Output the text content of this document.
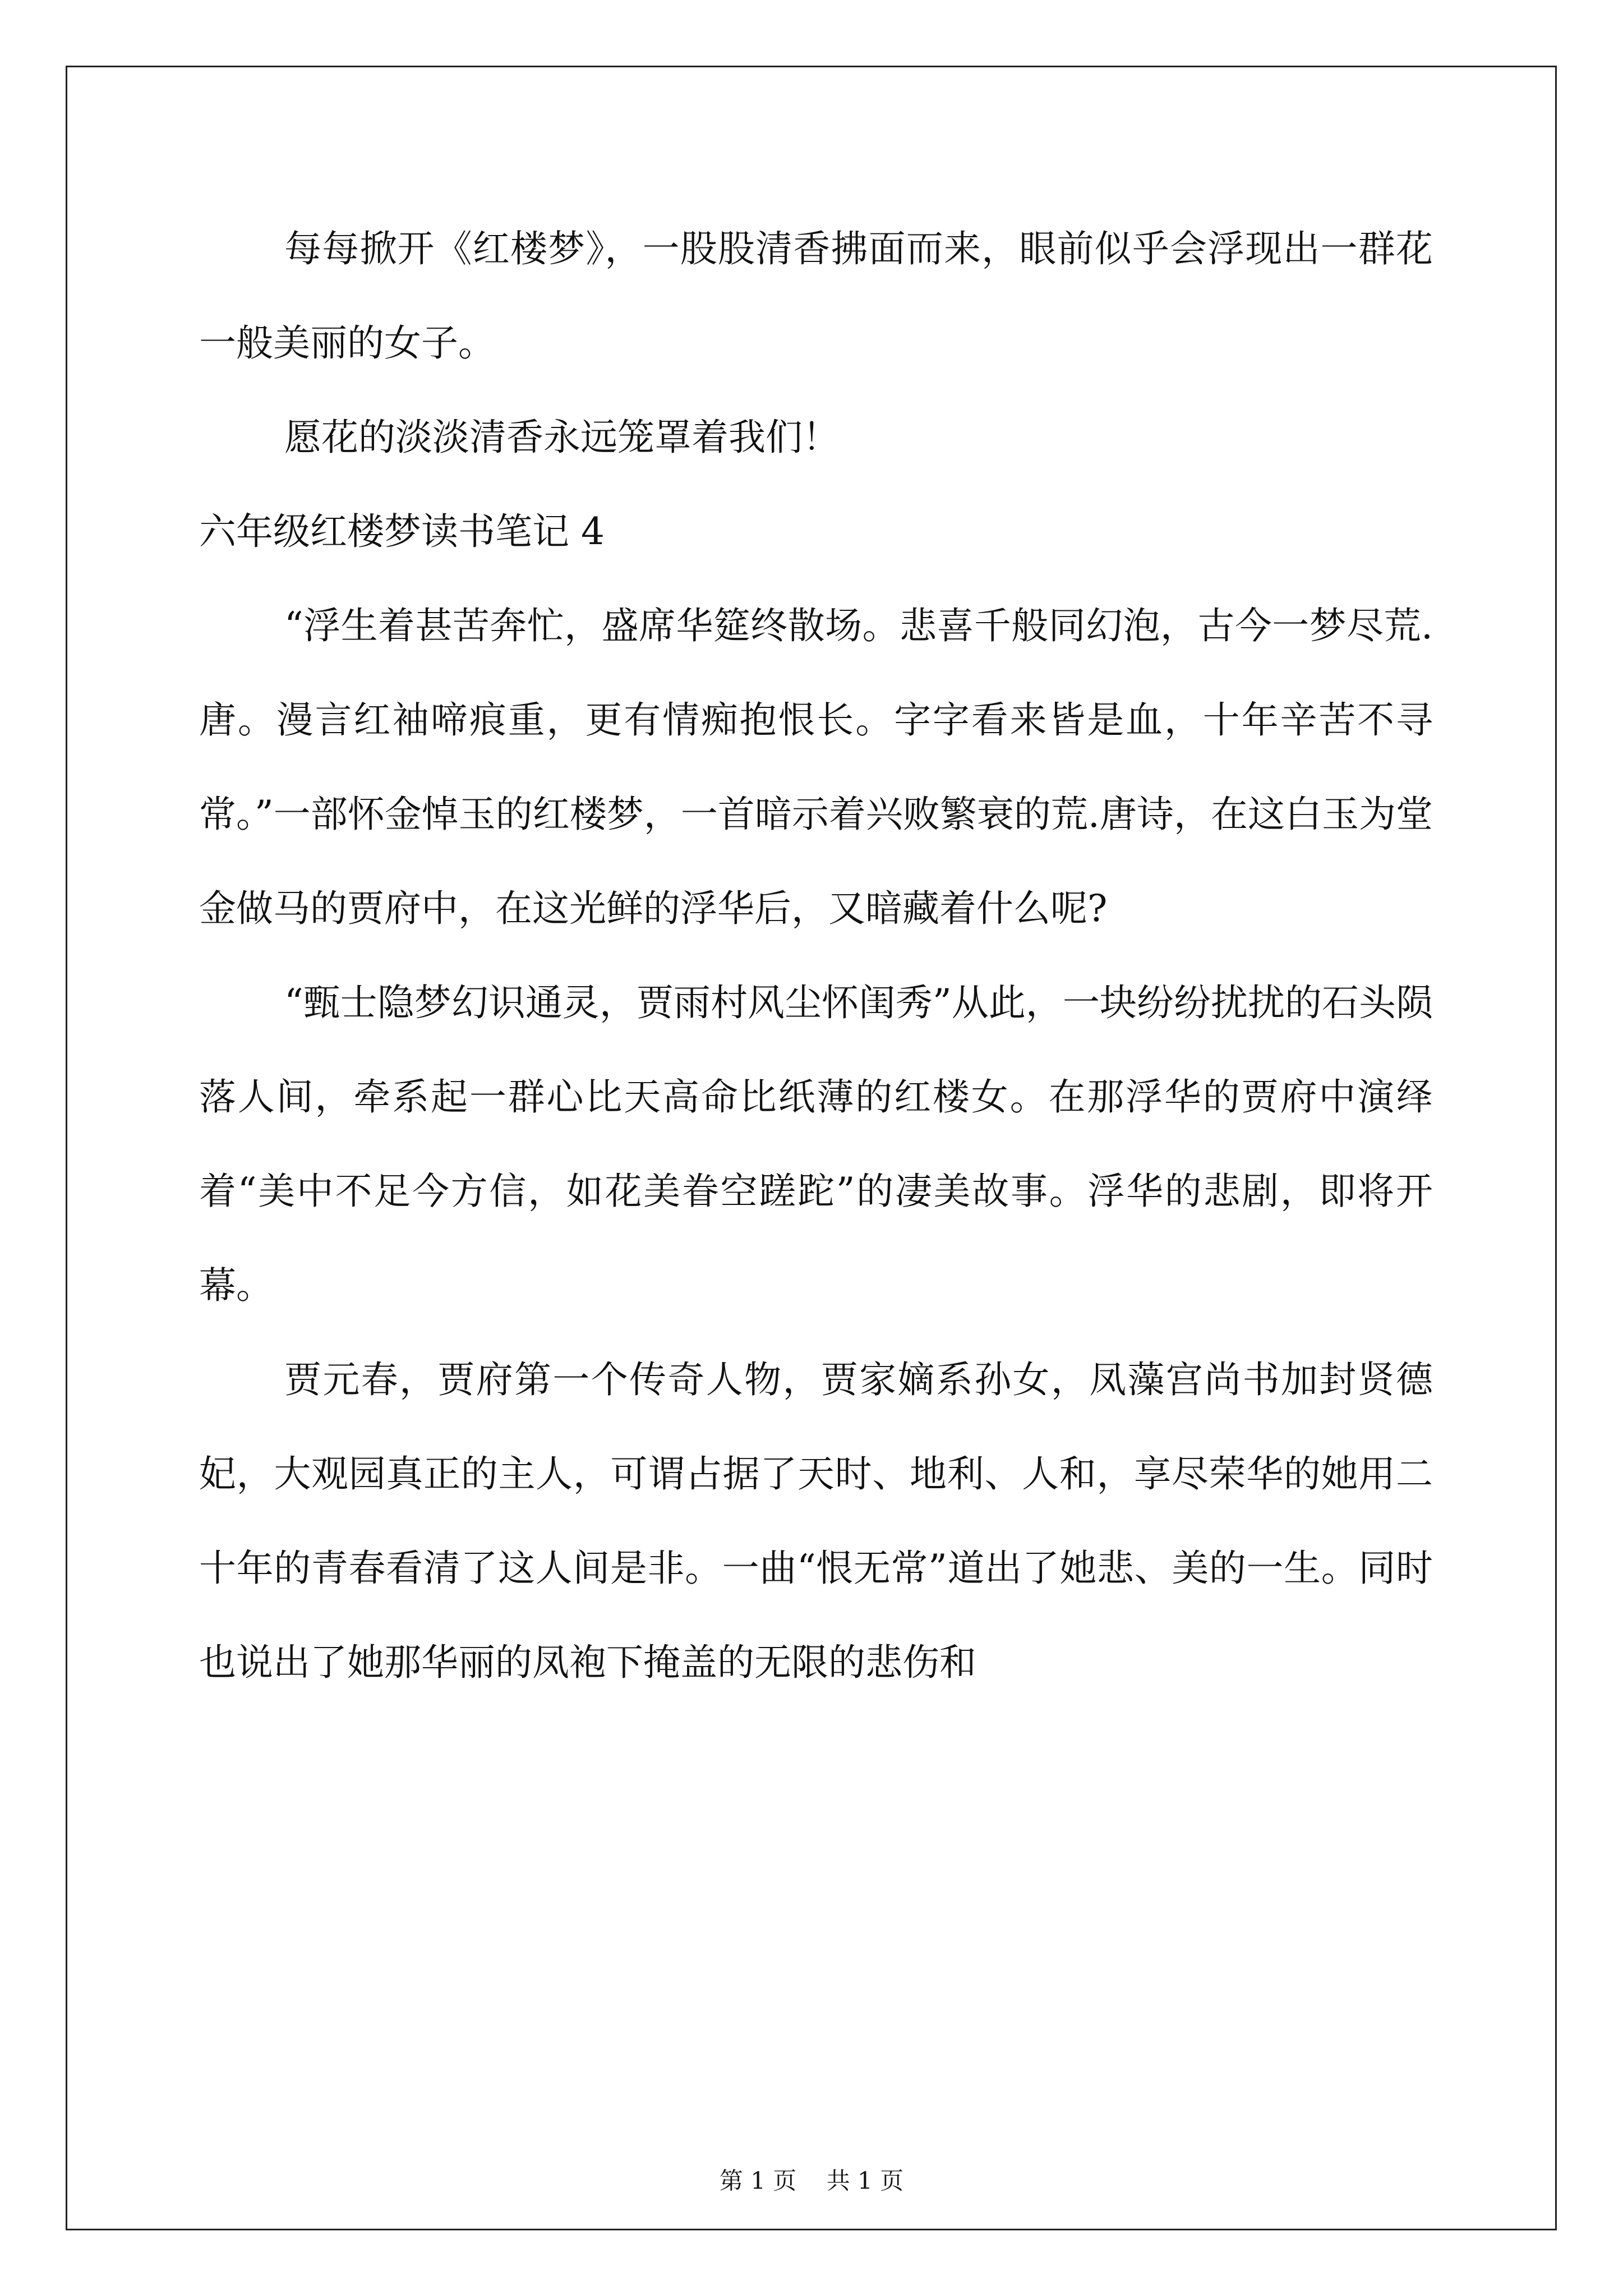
每每掀开《红楼梦》，一股股清香拂面而来，眼前似乎会浮现出一群花一般美丽的女子。

愿花的淡淡清香永远笼罩着我们！

六年级红楼梦读书笔记 4

“浮生着甚苦奔忙，盛席华筵终散场。悲喜千般同幻泡，古今一梦尽荒.唐。漫言红袖啼痕重，更有情痴抱恨长。字字看来皆是血，十年辛苦不寻常。”一部怀金悼玉的红楼梦，一首暗示着兴败繁衰的荒.唐诗，在这白玉为堂金做马的贾府中，在这光鲜的浮华后，又暗藏着什么呢?

“甄士隐梦幻识通灵，贾雨村风尘怀闺秀”从此，一块纷纷扰扰的石头陨落人间，牵系起一群心比天高命比纸薄的红楼女。在那浮华的贾府中演绎着“美中不足今方信，如花美眷空蹉跎”的凄美故事。浮华的悲剧，即将开幕。

贾元春，贾府第一个传奇人物，贾家嫡系孙女，凤藻宫尚书加封贤德妃，大观园真正的主人，可谓占据了天时、地利、人和，享尽荣华的她用二十年的青春看清了这人间是非。一曲“恨无常”道出了她悲、美的一生。同时也说出了她那华丽的凤袍下掩盖的无限的悲伤和

第 1 页    共 1 页
